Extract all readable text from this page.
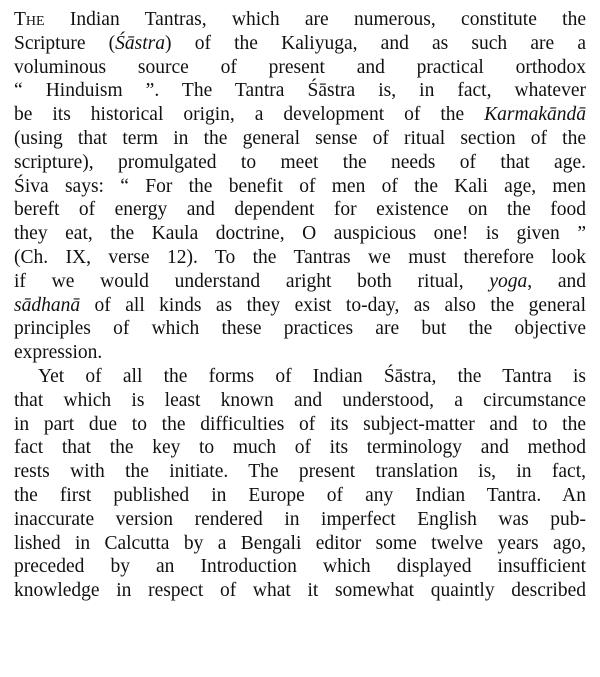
The Indian Tantras, which are numerous, constitute the
Scripture (Śāstra) of the Kaliyuga, and as such are a
voluminous source of present and practical orthodox
“ Hinduism ”. The Tantra Śāstra is, in fact, whatever
be its historical origin, a development of the Karmakāndā
(using that term in the general sense of ritual section of the
scripture), promulgated to meet the needs of that age.
Śiva says: “ For the benefit of men of the Kali age, men
bereft of energy and dependent for existence on the food
they eat, the Kaula doctrine, O auspicious one! is given ”
(Ch. IX, verse 12). To the Tantras we must therefore look
if we would understand aright both ritual, yoga, and
sādhanā of all kinds as they exist to-day, as also the general
principles of which these practices are but the objective
expression.
Yet of all the forms of Indian Śāstra, the Tantra is
that which is least known and understood, a circumstance
in part due to the difficulties of its subject-matter and to the
fact that the key to much of its terminology and method
rests with the initiate. The present translation is, in fact,
the first published in Europe of any Indian Tantra. An
inaccurate version rendered in imperfect English was pub-
lished in Calcutta by a Bengali editor some twelve years ago,
preceded by an Introduction which displayed insufficient
knowledge in respect of what it somewhat quaintly described
